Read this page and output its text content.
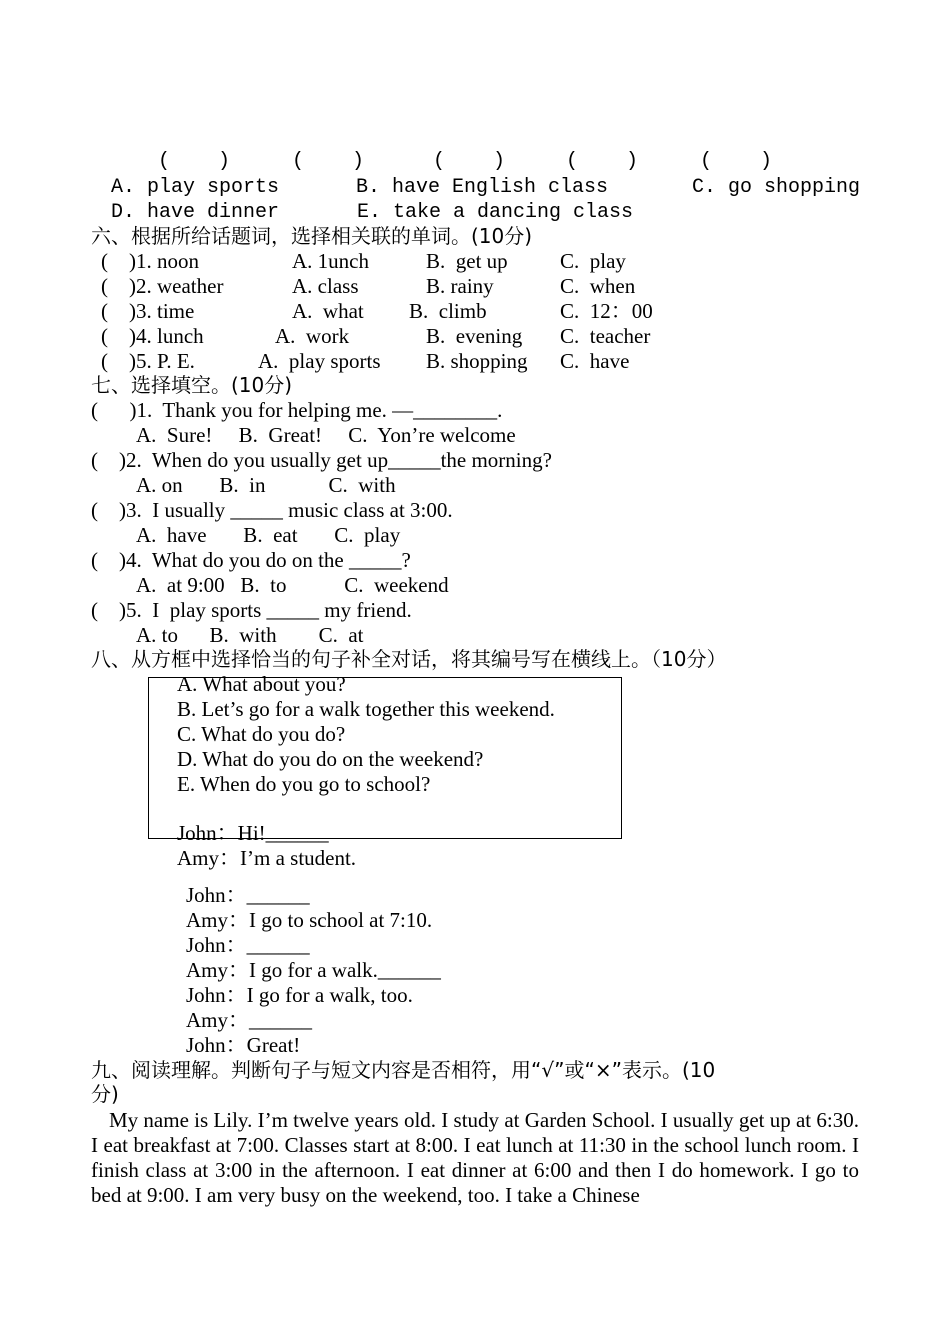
(    )	(    )	(    )	(    )	(    )
A. play sports	B. have English class	C. go shopping
D. have dinner	E. take a dancing class
六、根据所给话题词，选择相关联的单词。(10分)
(    )1. noon	A. 1unch	B.  get up C.  play
(    )2. weather	A. class	B. rainy	C.  when
(    )3. time	A.  what B.  climb	C.  12：00
(    )4. lunch	A.  work	B.  evening C.  teacher
(    )5. P. E.	A.  play sports B. shopping C.  have
七、选择填空。(10分)
(      )1.  Thank you for helping me. —________.
A.  Sure!     B.  Great!     C.  Yon’re welcome
(    )2.  When do you usually get up_____the morning?
A. on       B.  in            C.  with
(    )3.  I usually _____ music class at 3:00.
A.  have       B.  eat       C.  play
(    )4.  What do you do on the _____?
A.  at 9:00   B.  to           C.  weekend
(    )5.  I  play sports _____ my friend.
A. to      B.  with        C.  at
八、从方框中选择恰当的句子补全对话，将其编号写在横线上。（10分）
A. What about you?
B. Let’s go for a walk together this weekend.
C. What do you do?
D. What do you do on the weekend?
E. When do you go to school?
John：Hi!______
Amy：I’m a student.
John：______
Amy：I go to school at 7:10.
John：______
Amy：I go for a walk.______
John：I go for a walk, too.
Amy：______
John：Great!
九、阅读理解。判断句子与短文内容是否相符，用“√”或“×”表示。(10
分)
My name is Lily. I’m twelve years old. I study at Garden School. I usually get up at 6:30. I eat breakfast at 7:00. Classes start at 8:00. I eat lunch at 11:30 in the school lunch room. I finish class at 3:00 in the afternoon. I eat dinner at 6:00 and then I do homework. I go to bed at 9:00. I am very busy on the weekend, too. I take a Chinese
